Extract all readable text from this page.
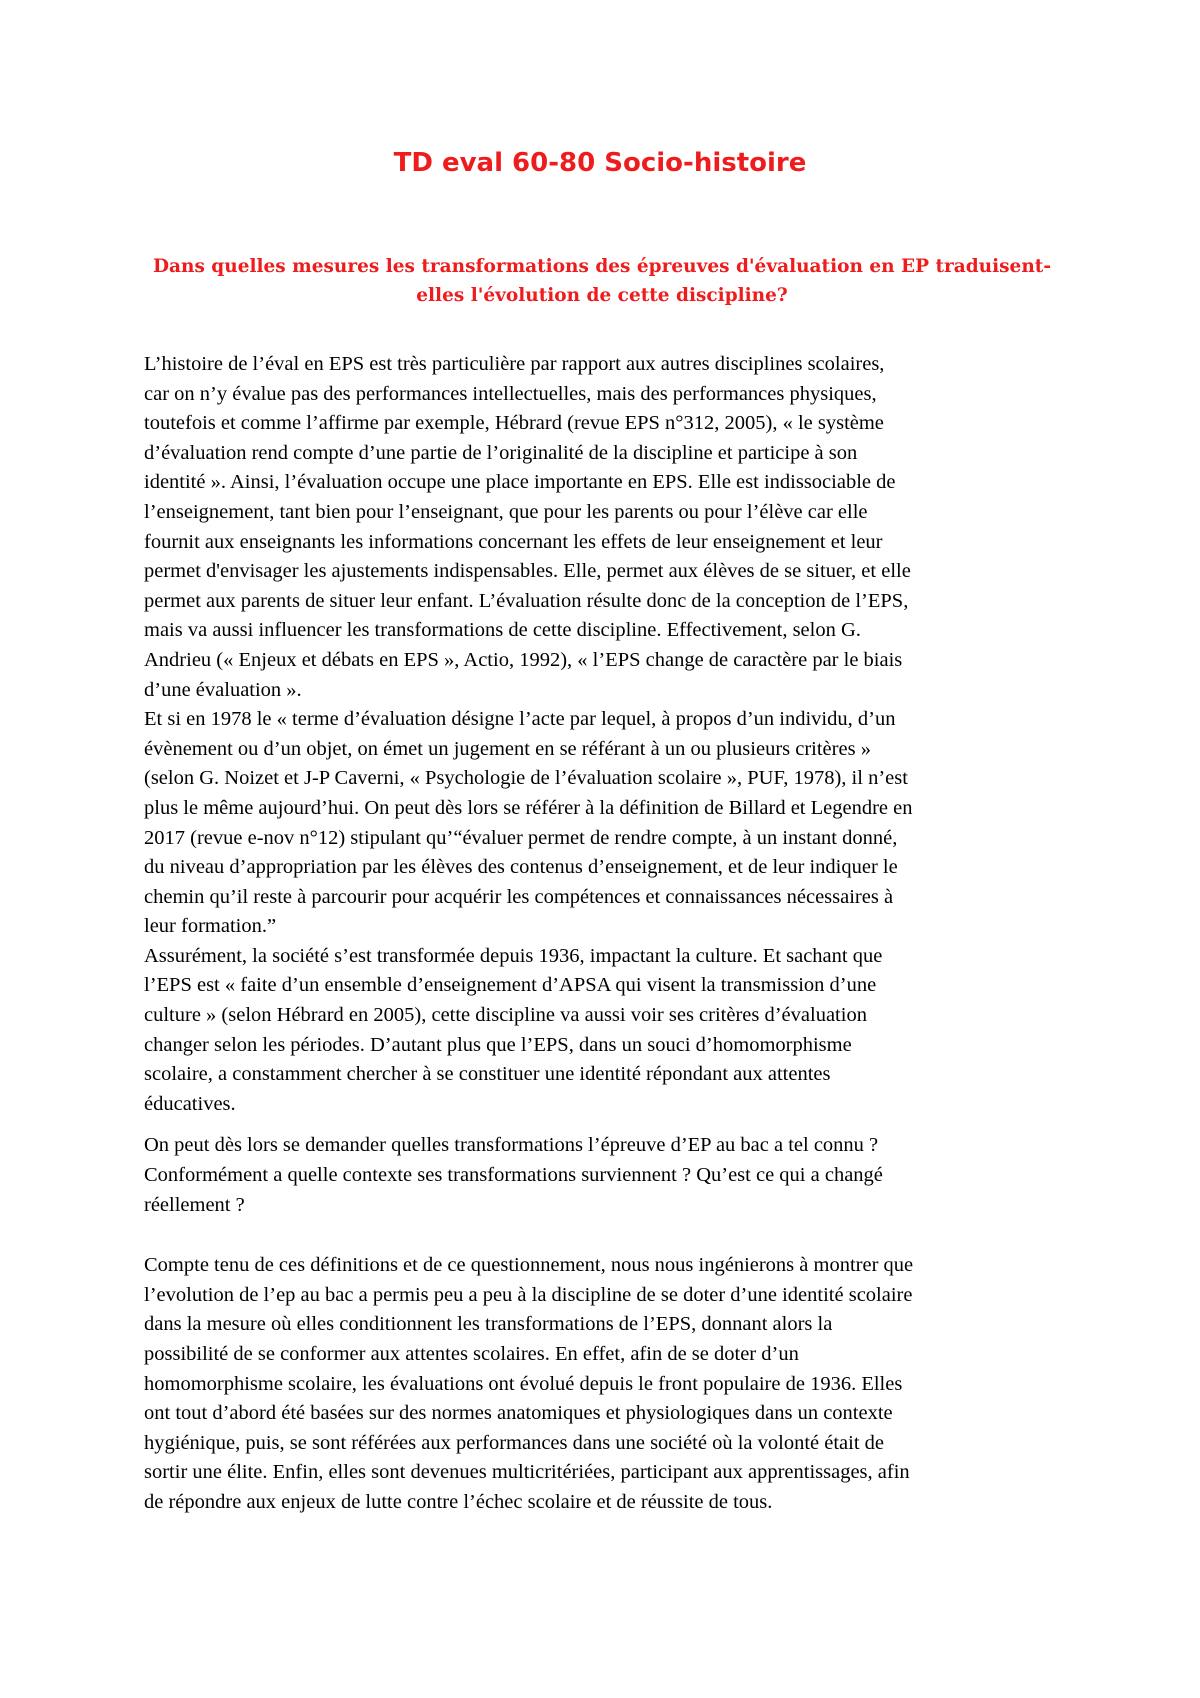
TD eval 60-80 Socio-histoire
Dans quelles mesures les transformations des épreuves d'évaluation en EP traduisent-
elles l'évolution de cette discipline?

L’histoire de l’éval en EPS est très particulière par rapport aux autres disciplines scolaires,
car on n’y évalue pas des performances intellectuelles, mais des performances physiques,
toutefois et comme l’affirme par exemple, Hébrard (revue EPS n°312, 2005), « le système
d’évaluation rend compte d’une partie de l’originalité de la discipline et participe à son
identité ». Ainsi, l’évaluation occupe une place importante en EPS. Elle est indissociable de
l’enseignement, tant bien pour l’enseignant, que pour les parents ou pour l’élève car elle
fournit aux enseignants les informations concernant les effets de leur enseignement et leur
permet d'envisager les ajustements indispensables. Elle, permet aux élèves de se situer, et elle
permet aux parents de situer leur enfant. L’évaluation résulte donc de la conception de l’EPS,
mais va aussi influencer les transformations de cette discipline. Effectivement, selon G.
Andrieu (« Enjeux et débats en EPS », Actio, 1992), « l’EPS change de caractère par le biais
d’une évaluation ».

Et si en 1978 le « terme d’évaluation désigne l’acte par lequel, à propos d’un individu, d’un
évènement ou d’un objet, on émet un jugement en se référant à un ou plusieurs critères »
(selon G. Noizet et J-P Caverni, « Psychologie de l’évaluation scolaire », PUF, 1978), il n’est
plus le même aujourd’hui. On peut dès lors se référer à la définition de Billard et Legendre en
2017 (revue e-nov n°12) stipulant qu’“évaluer permet de rendre compte, à un instant donné,
du niveau d’appropriation par les élèves des contenus d’enseignement, et de leur indiquer le
chemin qu’il reste à parcourir pour acquérir les compétences et connaissances nécessaires à
leur formation.”

Assurément, la société s’est transformée depuis 1936, impactant la culture. Et sachant que
l’EPS est « faite d’un ensemble d’enseignement d’APSA qui visent la transmission d’une
culture » (selon Hébrard en 2005), cette discipline va aussi voir ses critères d’évaluation
changer selon les périodes. D’autant plus que l’EPS, dans un souci d’homomorphisme
scolaire, a constamment chercher à se constituer une identité répondant aux attentes
éducatives.

On peut dès lors se demander quelles transformations l’épreuve d’EP au bac a tel connu ?
Conformément a quelle contexte ses transformations surviennent ? Qu’est ce qui a changé
réellement ?

Compte tenu de ces définitions et de ce questionnement, nous nous ingénierons à montrer que
l’evolution de l’ep au bac a permis peu a peu à la discipline de se doter d’une identité scolaire
dans la mesure où elles conditionnent les transformations de l’EPS, donnant alors la
possibilité de se conformer aux attentes scolaires. En effet, afin de se doter d’un
homomorphisme scolaire, les évaluations ont évolué depuis le front populaire de 1936. Elles
ont tout d’abord été basées sur des normes anatomiques et physiologiques dans un contexte
hygiénique, puis, se sont référées aux performances dans une société où la volonté était de
sortir une élite. Enfin, elles sont devenues multicritériées, participant aux apprentissages, afin
de répondre aux enjeux de lutte contre l’échec scolaire et de réussite de tous.
